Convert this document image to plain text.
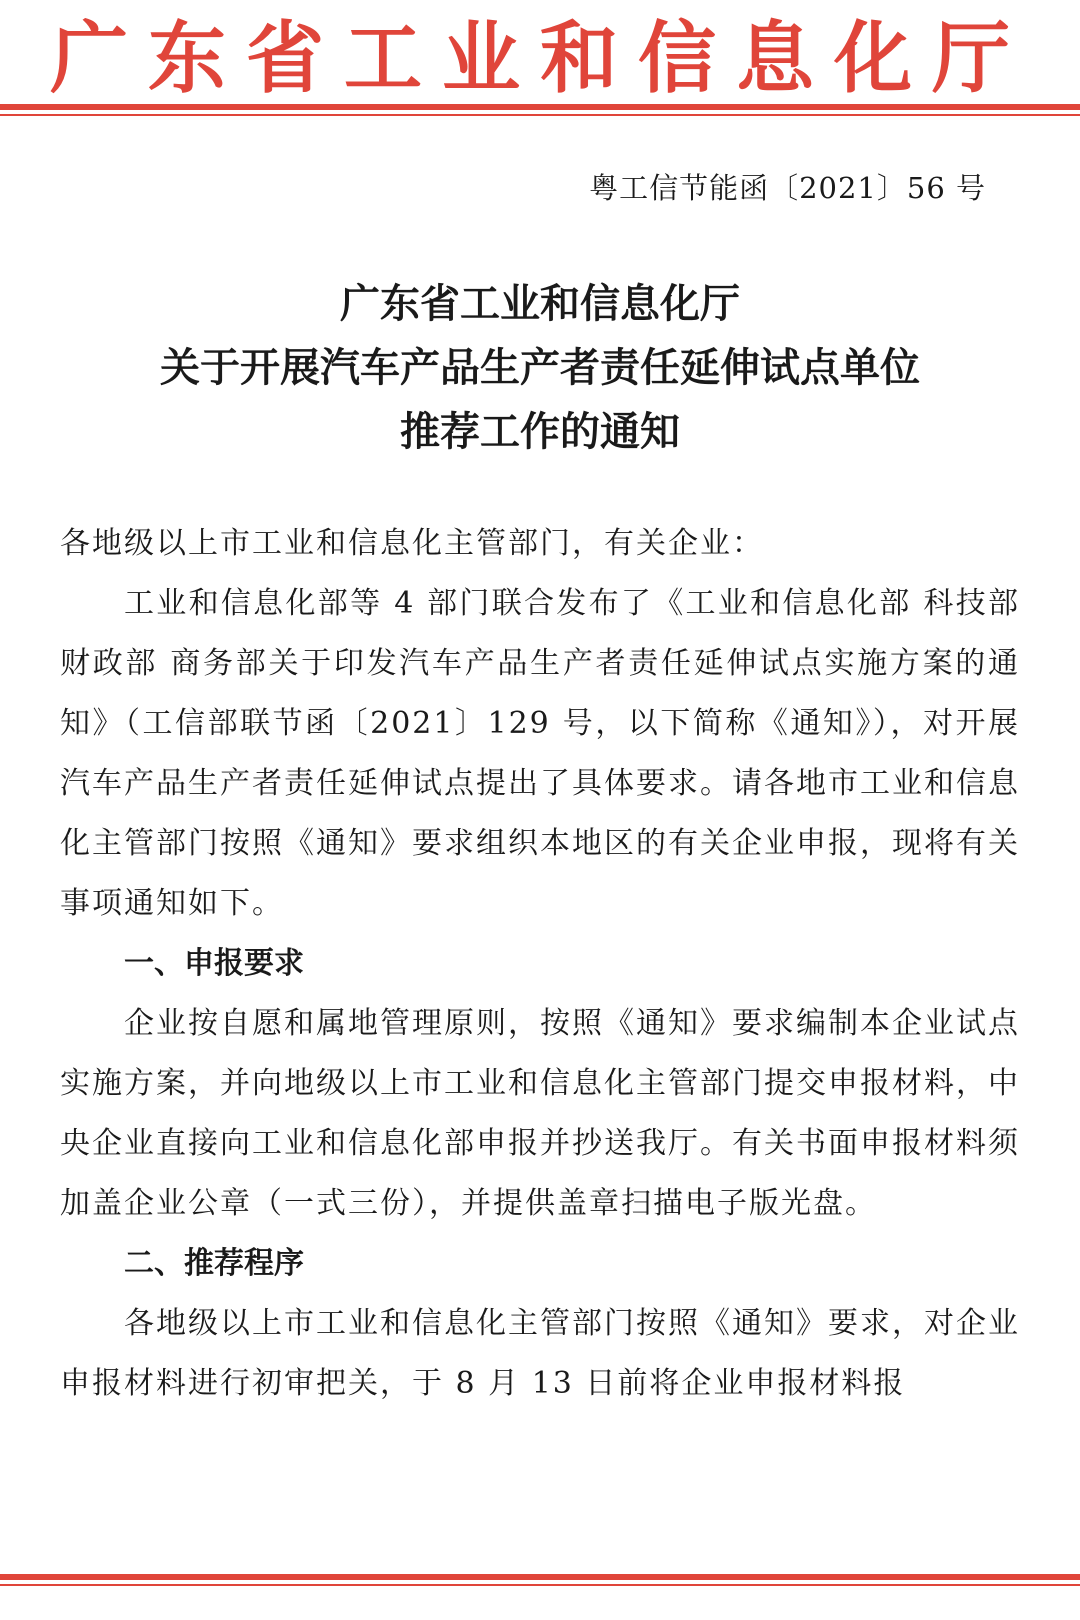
广东省工业和信息化厅
粤工信节能函〔2021〕56 号
广东省工业和信息化厅
关于开展汽车产品生产者责任延伸试点单位
推荐工作的通知

各地级以上市工业和信息化主管部门，有关企业：

工业和信息化部等 4 部门联合发布了《工业和信息化部 科技部 财政部 商务部关于印发汽车产品生产者责任延伸试点实施方案的通知》（工信部联节函〔2021〕129 号，以下简称《通知》），对开展汽车产品生产者责任延伸试点提出了具体要求。请各地市工业和信息化主管部门按照《通知》要求组织本地区的有关企业申报，现将有关事项通知如下。

一、申报要求

企业按自愿和属地管理原则，按照《通知》要求编制本企业试点实施方案，并向地级以上市工业和信息化主管部门提交申报材料，中央企业直接向工业和信息化部申报并抄送我厅。有关书面申报材料须加盖企业公章（一式三份），并提供盖章扫描电子版光盘。

二、推荐程序

各地级以上市工业和信息化主管部门按照《通知》要求，对企业申报材料进行初审把关，于 8 月 13 日前将企业申报材料报
